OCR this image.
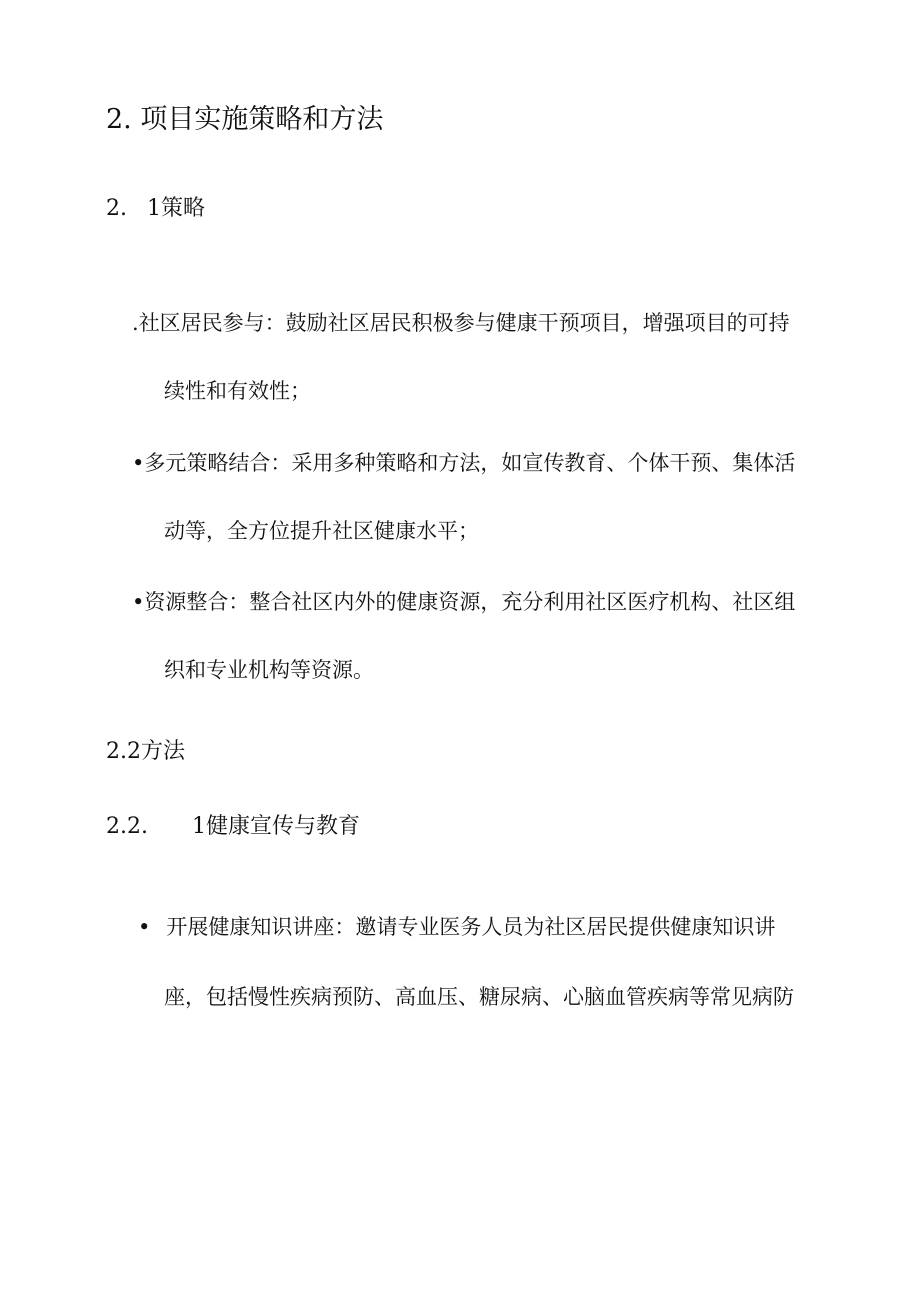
2. 项目实施策略和方法
2. 1策略
.社区居民参与：鼓励社区居民积极参与健康干预项目，增强项目的可持
续性和有效性；
•多元策略结合：采用多种策略和方法，如宣传教育、个体干预、集体活
动等，全方位提升社区健康水平；
•资源整合：整合社区内外的健康资源，充分利用社区医疗机构、社区组
织和专业机构等资源。
2.2方法
2.2. 1健康宣传与教育
• 开展健康知识讲座：邀请专业医务人员为社区居民提供健康知识讲
座，包括慢性疾病预防、高血压、糖尿病、心脑血管疾病等常见病防
